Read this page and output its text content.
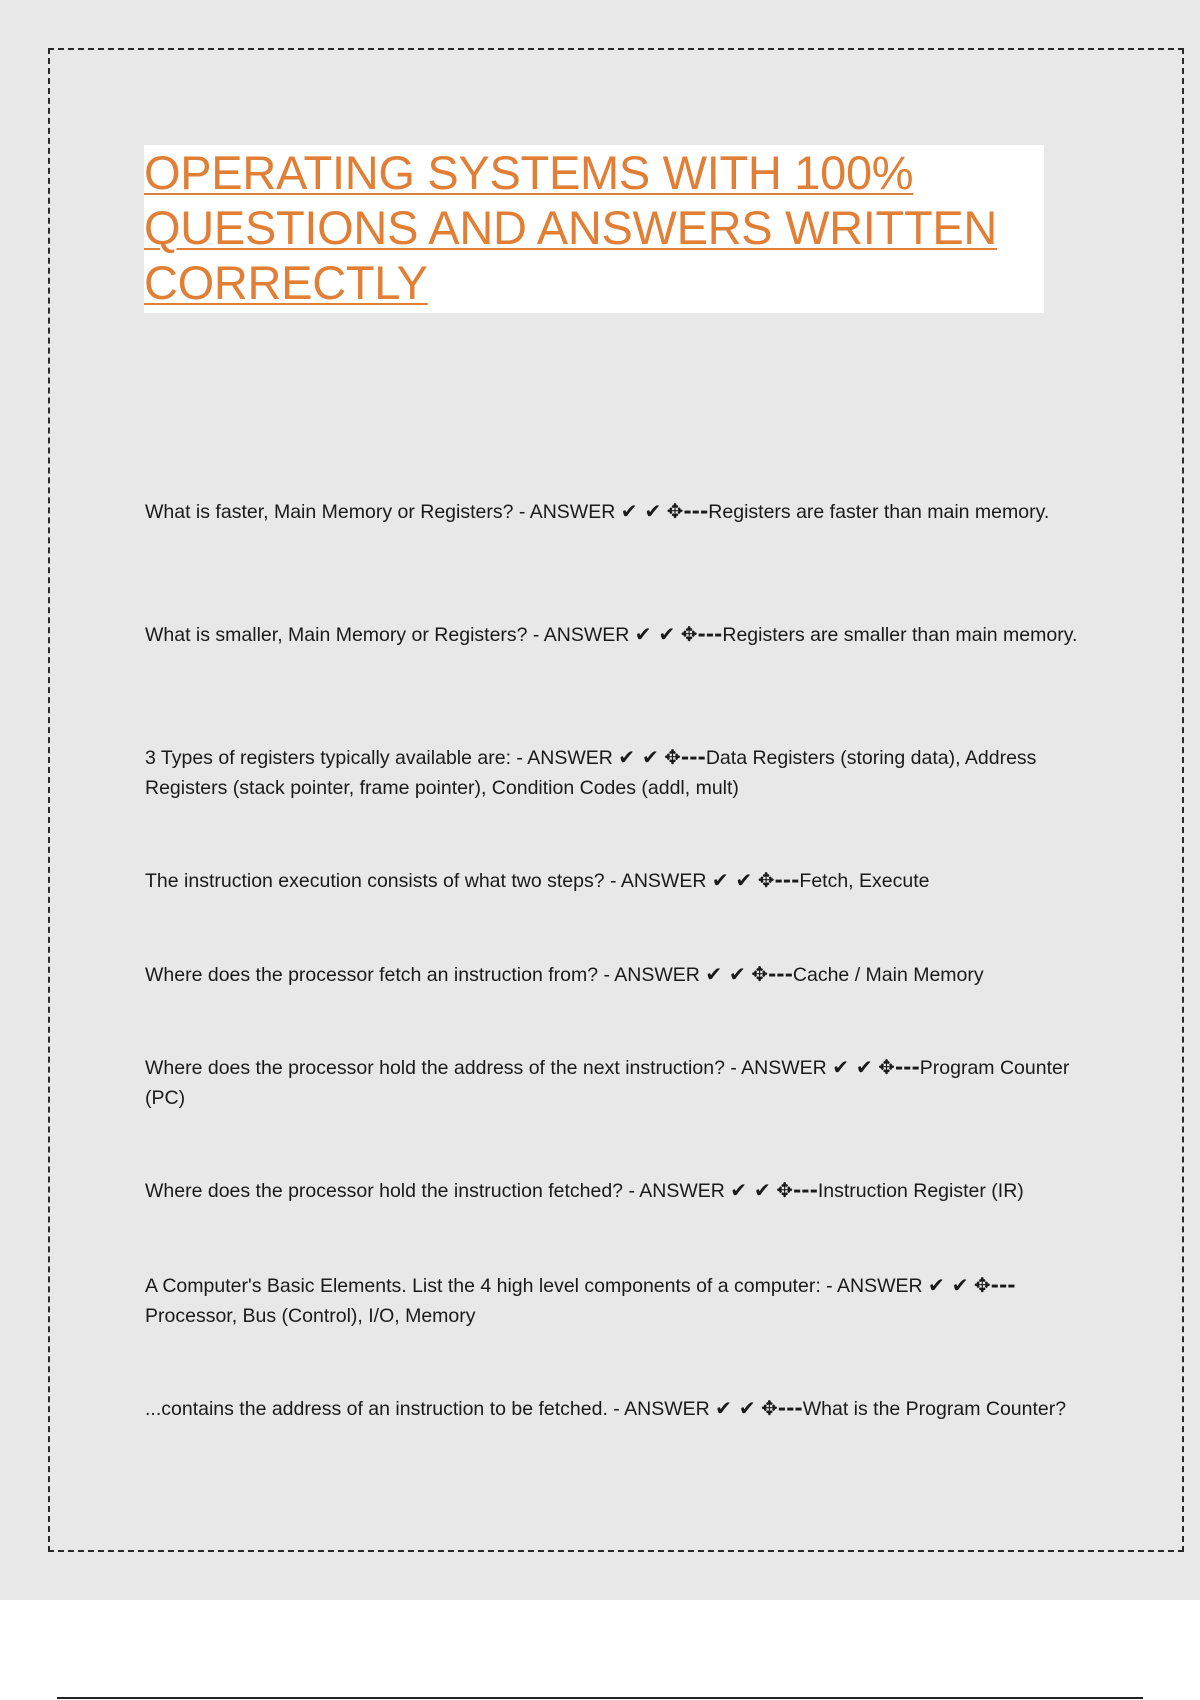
OPERATING SYSTEMS WITH 100% QUESTIONS AND ANSWERS WRITTEN CORRECTLY
What is faster, Main Memory or Registers? - ANSWER ✔ ✔ ✥---Registers are faster than main memory.
What is smaller, Main Memory or Registers? - ANSWER ✔ ✔ ✥---Registers are smaller than main memory.
3 Types of registers typically available are: - ANSWER ✔ ✔ ✥---Data Registers (storing data), Address Registers (stack pointer, frame pointer), Condition Codes (addl, mult)
The instruction execution consists of what two steps? - ANSWER ✔ ✔ ✥---Fetch, Execute
Where does the processor fetch an instruction from? - ANSWER ✔ ✔ ✥---Cache / Main Memory
Where does the processor hold the address of the next instruction? - ANSWER ✔ ✔ ✥---Program Counter (PC)
Where does the processor hold the instruction fetched? - ANSWER ✔ ✔ ✥---Instruction Register (IR)
A Computer's Basic Elements. List the 4 high level components of a computer: - ANSWER ✔ ✔ ✥---Processor, Bus (Control), I/O, Memory
...contains the address of an instruction to be fetched. - ANSWER ✔ ✔ ✥---What is the Program Counter?
